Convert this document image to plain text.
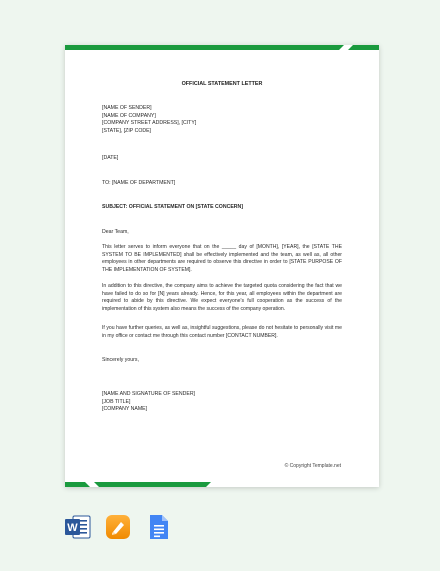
OFFICIAL STATEMENT LETTER
[NAME OF SENDER]
[NAME OF COMPANY]
[COMPANY STREET ADDRESS], [CITY]
[STATE], [ZIP CODE]
[DATE]
TO: [NAME OF DEPARTMENT]
SUBJECT: OFFICIAL STATEMENT ON [STATE CONCERN]
Dear Team,

This letter serves to inform everyone that on the _____ day of [MONTH], [YEAR], the [STATE THE SYSTEM TO BE IMPLEMENTED] shall be effectively implemented and the team, as well as, all other employees in other departments are required to observe this directive in order to [STATE PURPOSE OF THE IMPLEMENTATION OF SYSTEM].

In addition to this directive, the company aims to achieve the targeted quota considering the fact that we have failed to do so for [N] years already. Hence, for this year, all employees within the department are required to abide by this directive. We expect everyone's full cooperation as the success of the implementation of this system also means the success of the company operation.

If you have further queries, as well as, insightful suggestions, please do not hesitate to personally visit me in my office or contact me through this contact number [CONTACT NUMBER].

Sincerely yours,
[NAME AND SIGNATURE OF SENDER]
[JOB TITLE]
[COMPANY NAME]
© Copyright Template.net
W
